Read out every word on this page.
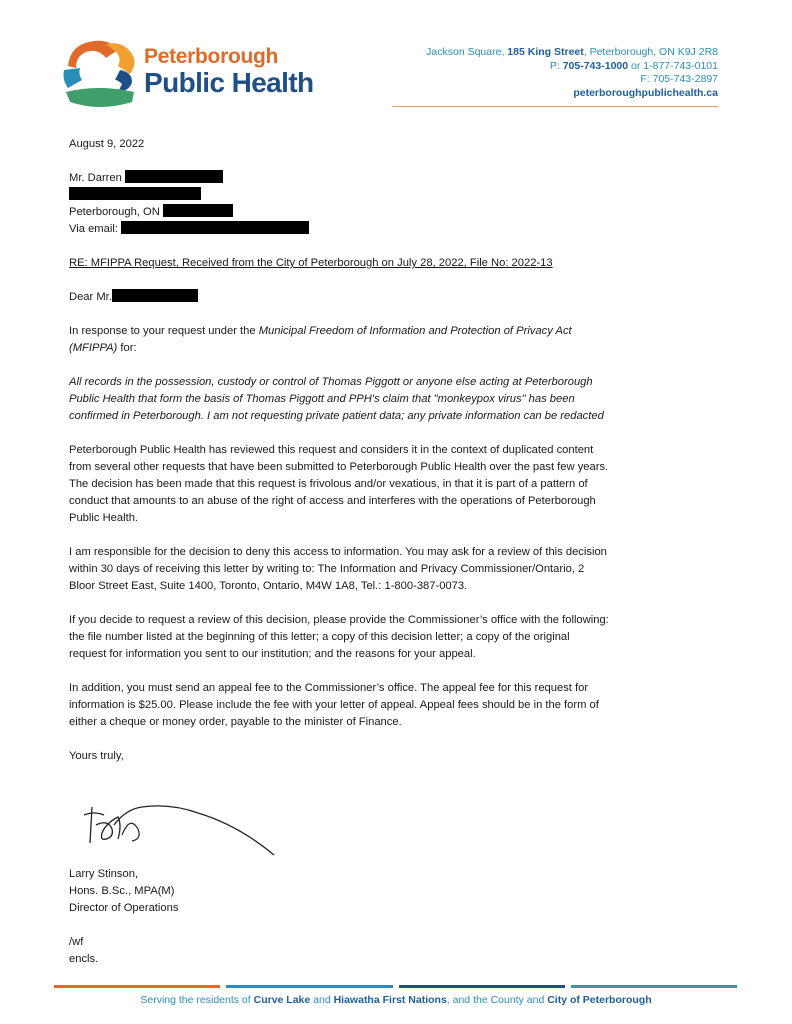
Peterborough
Public Health
Jackson Square, 185 King Street, Peterborough, ON K9J 2R8
P: 705-743-1000 or 1-877-743-0101
F: 705-743-2897
peterboroughpublichealth.ca
August 9, 2022
Mr. Darren
Peterborough, ON
Via email:
RE: MFIPPA Request, Received from the City of Peterborough on July 28, 2022, File No: 2022-13
Dear Mr.
In response to your request under the Municipal Freedom of Information and Protection of Privacy Act
(MFIPPA) for:
All records in the possession, custody or control of Thomas Piggott or anyone else acting at Peterborough
Public Health that form the basis of Thomas Piggott and PPH's claim that "monkeypox virus" has been
confirmed in Peterborough. I am not requesting private patient data; any private information can be redacted
Peterborough Public Health has reviewed this request and considers it in the context of duplicated content
from several other requests that have been submitted to Peterborough Public Health over the past few years.
The decision has been made that this request is frivolous and/or vexatious, in that it is part of a pattern of
conduct that amounts to an abuse of the right of access and interferes with the operations of Peterborough
Public Health.
I am responsible for the decision to deny this access to information. You may ask for a review of this decision
within 30 days of receiving this letter by writing to: The Information and Privacy Commissioner/Ontario, 2
Bloor Street East, Suite 1400, Toronto, Ontario, M4W 1A8, Tel.: 1-800-387-0073.
If you decide to request a review of this decision, please provide the Commissioner’s office with the following:
the file number listed at the beginning of this letter; a copy of this decision letter; a copy of the original
request for information you sent to our institution; and the reasons for your appeal.
In addition, you must send an appeal fee to the Commissioner’s office. The appeal fee for this request for
information is $25.00. Please include the fee with your letter of appeal. Appeal fees should be in the form of
either a cheque or money order, payable to the minister of Finance.
Yours truly,
Larry Stinson,
Hons. B.Sc., MPA(M)
Director of Operations
/wf
encls.
Serving the residents of Curve Lake and Hiawatha First Nations, and the County and City of Peterborough
